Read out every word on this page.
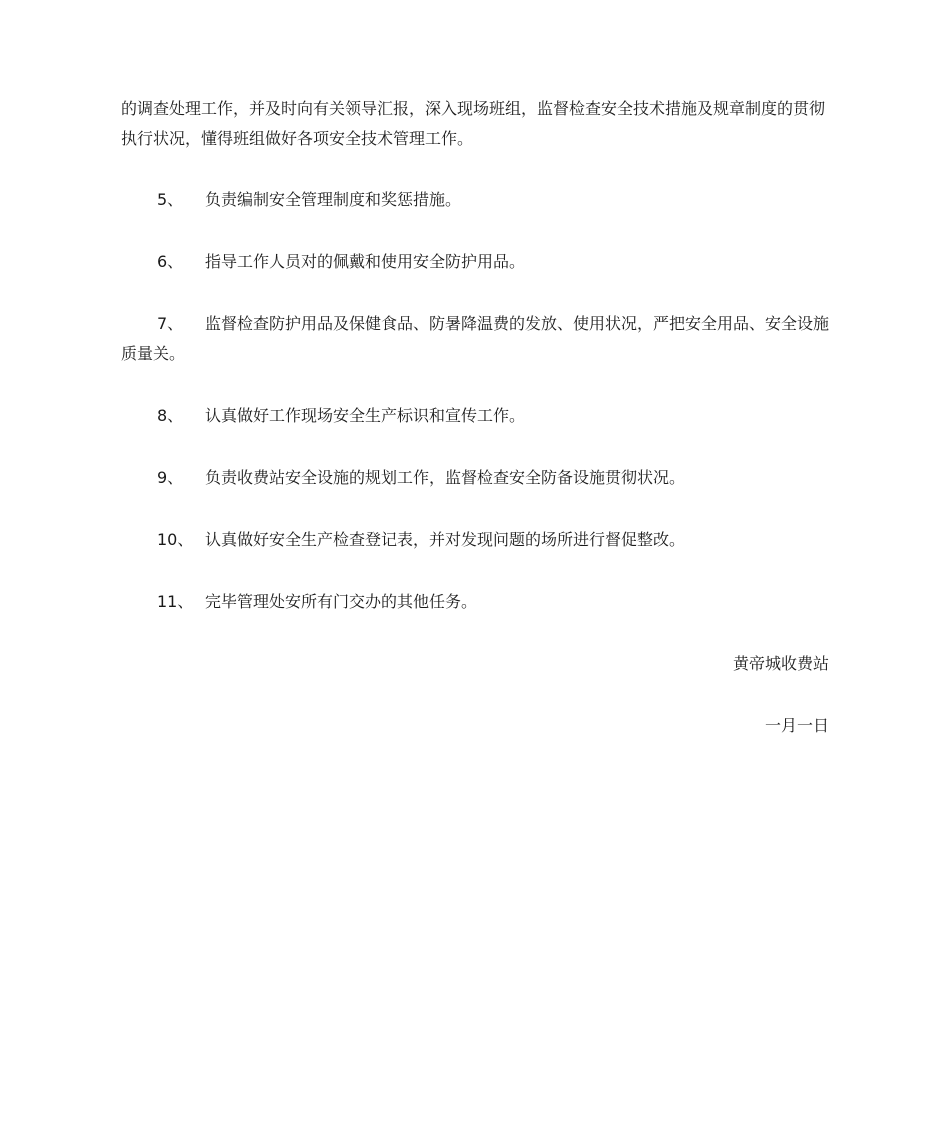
的调查处理工作，并及时向有关领导汇报，深入现场班组，监督检查安全技术措施及规章制度的贯彻执行状况，懂得班组做好各项安全技术管理工作。

5、 负责编制安全管理制度和奖惩措施。

6、 指导工作人员对的佩戴和使用安全防护用品。

7、 监督检查防护用品及保健食品、防暑降温费的发放、使用状况，严把安全用品、安全设施质量关。

8、 认真做好工作现场安全生产标识和宣传工作。

9、 负责收费站安全设施的规划工作，监督检查安全防备设施贯彻状况。

10、 认真做好安全生产检查登记表，并对发现问题的场所进行督促整改。

11、 完毕管理处安所有门交办的其他任务。

黄帝城收费站
一月一日
